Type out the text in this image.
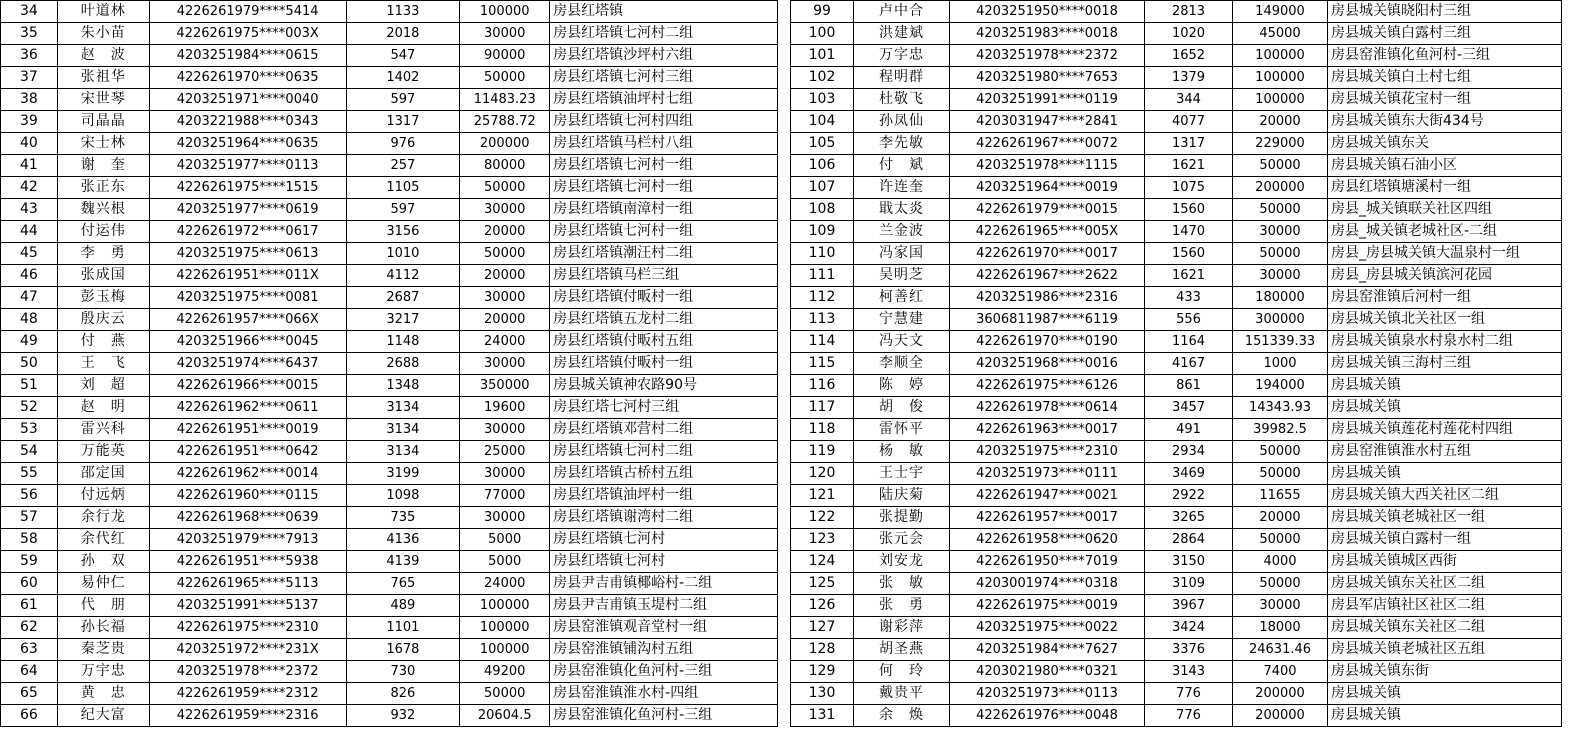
34	叶道林	4226261979****5414	1133	100000	房县红塔镇
35	朱小苗	4226261975****003X	2018	30000	房县红塔镇七河村二组
36	赵　波	4203251984****0615	547	90000	房县红塔镇沙坪村六组
37	张祖华	4226261970****0635	1402	50000	房县红塔镇七河村三组
38	宋世琴	4203251971****0040	597	11483.23	房县红塔镇油坪村七组
39	司晶晶	4203221988****0343	1317	25788.72	房县红塔镇七河村四组
40	宋士林	4203251964****0635	976	200000	房县红塔镇马栏村八组
41	谢　奎	4203251977****0113	257	80000	房县红塔镇七河村一组
42	张正东	4226261975****1515	1105	50000	房县红塔镇七河村一组
43	魏兴根	4203251977****0619	597	30000	房县红塔镇南漳村一组
44	付运伟	4226261972****0617	3156	20000	房县红塔镇七河村一组
45	李　勇	4203251975****0613	1010	50000	房县红塔镇潮汪村二组
46	张成国	4226261951****011X	4112	20000	房县红塔镇马栏三组
47	彭玉梅	4203251975****0081	2687	30000	房县红塔镇付畈村一组
48	殷庆云	4226261957****066X	3217	20000	房县红塔镇五龙村二组
49	付　燕	4203251966****0045	1148	24000	房县红塔镇付畈村五组
50	王　飞	4203251974****6437	2688	30000	房县红塔镇付畈村一组
51	刘　超	4226261966****0015	1348	350000	房县城关镇神农路90号
52	赵　明	4226261962****0611	3134	19600	房县红塔七河村三组
53	雷兴科	4226261951****0019	3134	30000	房县红塔镇邓营村二组
54	万能英	4226261951****0642	3134	25000	房县红塔镇七河村二组
55	邵定国	4226261962****0014	3199	30000	房县红塔镇古桥村五组
56	付远炳	4226261960****0115	1098	77000	房县红塔镇油坪村一组
57	余行龙	4226261968****0639	735	30000	房县红塔镇谢湾村二组
58	余代红	4203251979****7913	4136	5000	房县红塔镇七河村
59	孙　双	4226261951****5938	4139	5000	房县红塔镇七河村
60	易仲仁	4226261965****5113	765	24000	房县尹吉甫镇椰峪村-二组
61	代　朋	4203251991****5137	489	100000	房县尹吉甫镇玉堤村二组
62	孙长福	4226261975****2310	1101	100000	房县窑淮镇观音堂村一组
63	秦芝贵	4203251972****231X	1678	100000	房县窑淮镇铺沟村五组
64	万宇忠	4203251978****2372	730	49200	房县窑淮镇化鱼河村-三组
65	黄　忠	4226261959****2312	826	50000	房县窑淮镇淮水村-四组
66	纪大富	4226261959****2316	932	20604.5	房县窑淮镇化鱼河村-三组
99	卢中合	4203251950****0018	2813	149000	房县城关镇晓阳村三组
100	洪建斌	4203251983****0018	1020	45000	房县城关镇白露村三组
101	万字忠	4203251978****2372	1652	100000	房县窑淮镇化鱼河村-三组
102	程明群	4203251980****7653	1379	100000	房县城关镇白土村七组
103	杜敬飞	4203251991****0119	344	100000	房县城关镇花宝村一组
104	孙凤仙	4203031947****2841	4077	20000	房县城关镇东大街434号
105	李先敏	4226261967****0072	1317	229000	房县城关镇东关
106	付　斌	4203251978****1115	1621	50000	房县城关镇石油小区
107	许连奎	4203251964****0019	1075	200000	房县红塔镇塘溪村一组
108	戢太炎	4226261979****0015	1560	50000	房县_城关镇联关社区四组
109	兰金波	4226261965****005X	1470	30000	房县_城关镇老城社区-二组
110	冯家国	4226261970****0017	1560	50000	房县_房县城关镇大温泉村一组
111	吴明芝	4226261967****2622	1621	30000	房县_房县城关镇滨河花园
112	柯善红	4203251986****2316	433	180000	房县窑淮镇后河村一组
113	宁慧建	3606811987****6119	556	300000	房县城关镇北关社区一组
114	冯天文	4226261970****0190	1164	151339.33	房县城关镇泉水村泉水村二组
115	李顺全	4203251968****0016	4167	1000	房县城关镇三海村三组
116	陈　婷	4226261975****6126	861	194000	房县城关镇
117	胡　俊	4226261978****0614	3457	14343.93	房县城关镇
118	雷怀平	4226261963****0017	491	39982.5	房县城关镇莲花村莲花村四组
119	杨　敏	4203251975****2310	2934	50000	房县窑淮镇淮水村五组
120	王士宇	4203251973****0111	3469	50000	房县城关镇
121	陆庆菊	4226261947****0021	2922	11655	房县城关镇大西关社区二组
122	张提勤	4226261957****0017	3265	20000	房县城关镇老城社区一组
123	张元会	4226261958****0620	2864	50000	房县城关镇白露村一组
124	刘安龙	4226261950****7019	3150	4000	房县城关镇城区西街
125	张　敏	4203001974****0318	3109	50000	房县城关镇东关社区二组
126	张　勇	4226261975****0019	3967	30000	房县军店镇社区社区二组
127	谢彩萍	4203251975****0022	3424	18000	房县城关镇东关社区二组
128	胡圣燕	4203251984****7627	3376	24631.46	房县城关镇老城社区五组
129	何　玲	4203021980****0321	3143	7400	房县城关镇东街
130	戴贵平	4203251973****0113	776	200000	房县城关镇
131	余　焕	4226261976****0048	776	200000	房县城关镇
